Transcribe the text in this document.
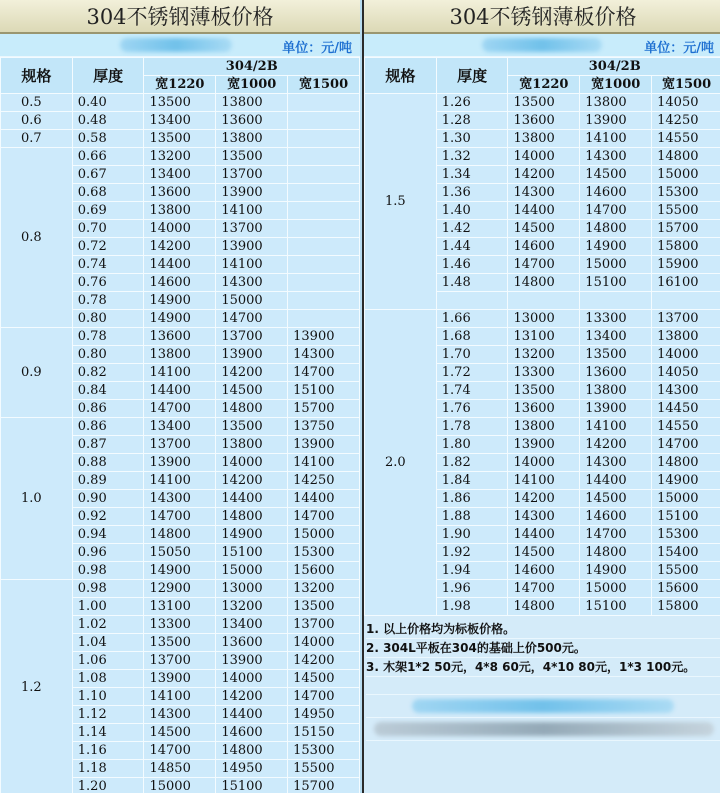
304不锈钢薄板价格
单位：元/吨
规格	厚度	304/2B		
		宽1220	宽1000	宽1500
0.5	0.40	13500	13800	
0.6	0.48	13400	13600	
0.7	0.58	13500	13800	
0.8	0.66	13200	13500	
	0.67	13400	13700	
	0.68	13600	13900	
	0.69	13800	14100	
	0.70	14000	13700	
	0.72	14200	13900	
	0.74	14400	14100	
	0.76	14600	14300	
	0.78	14900	15000	
	0.80	14900	14700	
0.9	0.78	13600	13700	13900
	0.80	13800	13900	14300
	0.82	14100	14200	14700
	0.84	14400	14500	15100
	0.86	14700	14800	15700
1.0	0.86	13400	13500	13750
	0.87	13700	13800	13900
	0.88	13900	14000	14100
	0.89	14100	14200	14250
	0.90	14300	14400	14400
	0.92	14700	14800	14700
	0.94	14800	14900	15000
	0.96	15050	15100	15300
	0.98	14900	15000	15600
1.2	0.98	12900	13000	13200
	1.00	13100	13200	13500
	1.02	13300	13400	13700
	1.04	13500	13600	14000
	1.06	13700	13900	14200
	1.08	13900	14000	14500
	1.10	14100	14200	14700
	1.12	14300	14400	14950
	1.14	14500	14600	15150
	1.16	14700	14800	15300
	1.18	14850	14950	15500
	1.20	15000	15100	15700
304不锈钢薄板价格
单位：元/吨
规格	厚度	304/2B		
		宽1220	宽1000	宽1500
1.5	1.26	13500	13800	14050
	1.28	13600	13900	14250
	1.30	13800	14100	14550
	1.32	14000	14300	14800
	1.34	14200	14500	15000
	1.36	14300	14600	15300
	1.40	14400	14700	15500
	1.42	14500	14800	15700
	1.44	14600	14900	15800
	1.46	14700	15000	15900
	1.48	14800	15100	16100

2.0	1.66	13000	13300	13700
	1.68	13100	13400	13800
	1.70	13200	13500	14000
	1.72	13300	13600	14050
	1.74	13500	13800	14300
	1.76	13600	13900	14450
	1.78	13800	14100	14550
	1.80	13900	14200	14700
	1.82	14000	14300	14800
	1.84	14100	14400	14900
	1.86	14200	14500	15000
	1.88	14300	14600	15100
	1.90	14400	14700	15300
	1.92	14500	14800	15400
	1.94	14600	14900	15500
	1.96	14700	15000	15600
	1.98	14800	15100	15800
1. 以上价格均为标板价格。
2. 304L平板在304的基础上价500元。
3. 木架1*2 50元，4*8 60元，4*10 80元，1*3 100元。
